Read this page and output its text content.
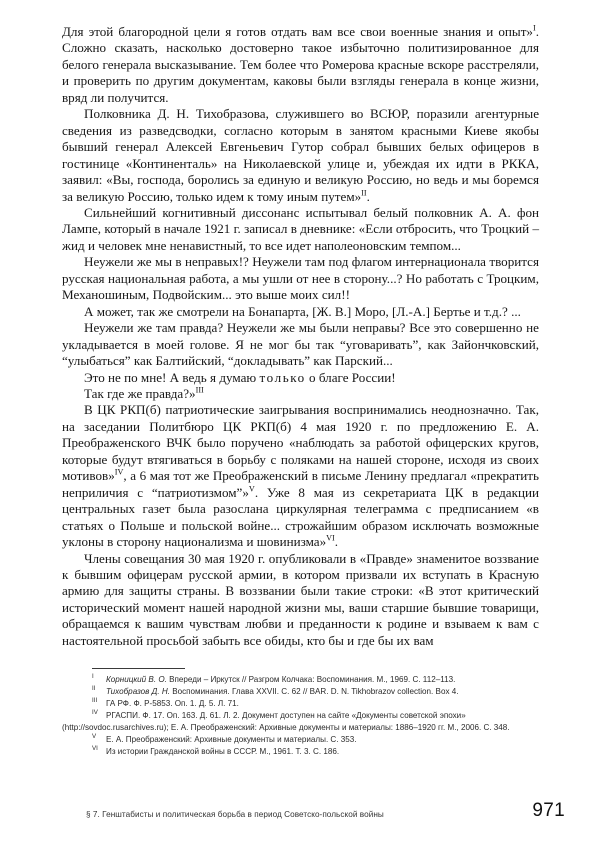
Для этой благородной цели я готов отдать вам все свои военные знания и опыт»$^I$. Сложно сказать, насколько достоверно такое избыточно политизированное для белого генерала высказывание. Тем более что Ромерова красные вскоре расстреляли, и проверить по другим документам, каковы были взгляды генерала в конце жизни, вряд ли получится.

Полковника Д. Н. Тихобразова, служившего во ВСЮР, поразили агентурные сведения из разведсводки, согласно которым в занятом красными Киеве якобы бывший генерал Алексей Евгеньевич Гутор собрал бывших белых офицеров в гостинице «Континенталь» на Николаевской улице и, убеждая их идти в РККА, заявил: «Вы, господа, боролись за единую и великую Россию, но ведь и мы боремся за великую Россию, только идем к тому иным путем»$^{II}$.

Сильнейший когнитивный диссонанс испытывал белый полковник А. А. фон Лампе, который в начале 1921 г. записал в дневнике: «Если отбросить, что Троцкий – жид и человек мне ненавистный, то все идет наполеоновским темпом...

Неужели же мы в неправых!? Неужели там под флагом интернационала творится русская национальная работа, а мы ушли от нее в сторону...? Но работать с Троцким, Механошиным, Подвойским... это выше моих сил!!

А может, так же смотрели на Бонапарта, [Ж. В.] Моро, [Л.-А.] Бертье и т.д.? ...

Неужели же там правда? Неужели же мы были неправы? Все это совершенно не укладывается в моей голове. Я не мог бы так “уговаривать”, как Зайончковский, “улыбаться” как Балтийский, “докладывать” как Парский...

Это не по мне! А ведь я думаю только о благе России!

Так где же правда?»$^{III}$

В ЦК РКП(б) патриотические заигрывания воспринимались неоднозначно. Так, на заседании Политбюро ЦК РКП(б) 4 мая 1920 г. по предложению Е. А. Преображенского ВЧК было поручено «наблюдать за работой офицерских кругов, которые будут втягиваться в борьбу с поляками на нашей стороне, исходя из своих мотивов»$^{IV}$, а 6 мая тот же Преображенский в письме Ленину предлагал «прекратить неприличия с “патриотизмом”»$^V$. Уже 8 мая из секретариата ЦК в редакции центральных газет была разослана циркулярная телеграмма с предписанием «в статьях о Польше и польской войне... строжайшим образом исключать возможные уклоны в сторону национализма и шовинизма»$^{VI}$.

Члены совещания 30 мая 1920 г. опубликовали в «Правде» знаменитое воззвание к бывшим офицерам русской армии, в котором призвали их вступать в Красную армию для защиты страны. В воззвании были такие строки: «В этот критический исторический момент нашей народной жизни мы, ваши старшие бывшие товарищи, обращаемся к вашим чувствам любви и преданности к родине и взываем к вам с настоятельной просьбой забыть все обиды, кто бы и где бы их вам

I Корницкий В. О. Впереди – Иркутск // Разгром Колчака: Воспоминания. М., 1969. С. 112–113.
II Тихобразов Д. Н. Воспоминания. Глава XXVII. С. 62 // BAR. D. N. Tikhobrazov collection. Box 4.
III ГА РФ. Ф. Р-5853. Оп. 1. Д. 5. Л. 71.
IV РГАСПИ. Ф. 17. Оп. 163. Д. 61. Л. 2. Документ доступен на сайте «Документы советской эпохи» (http://sovdoc.rusarchives.ru); Е. А. Преображенский: Архивные документы и материалы: 1886–1920 гг. М., 2006. С. 348.
V Е. А. Преображенский: Архивные документы и материалы. С. 353.
VI Из истории Гражданской войны в СССР. М., 1961. Т. 3. С. 186.
§ 7. Генштабисты и политическая борьба в период Советско-польской войны	971
